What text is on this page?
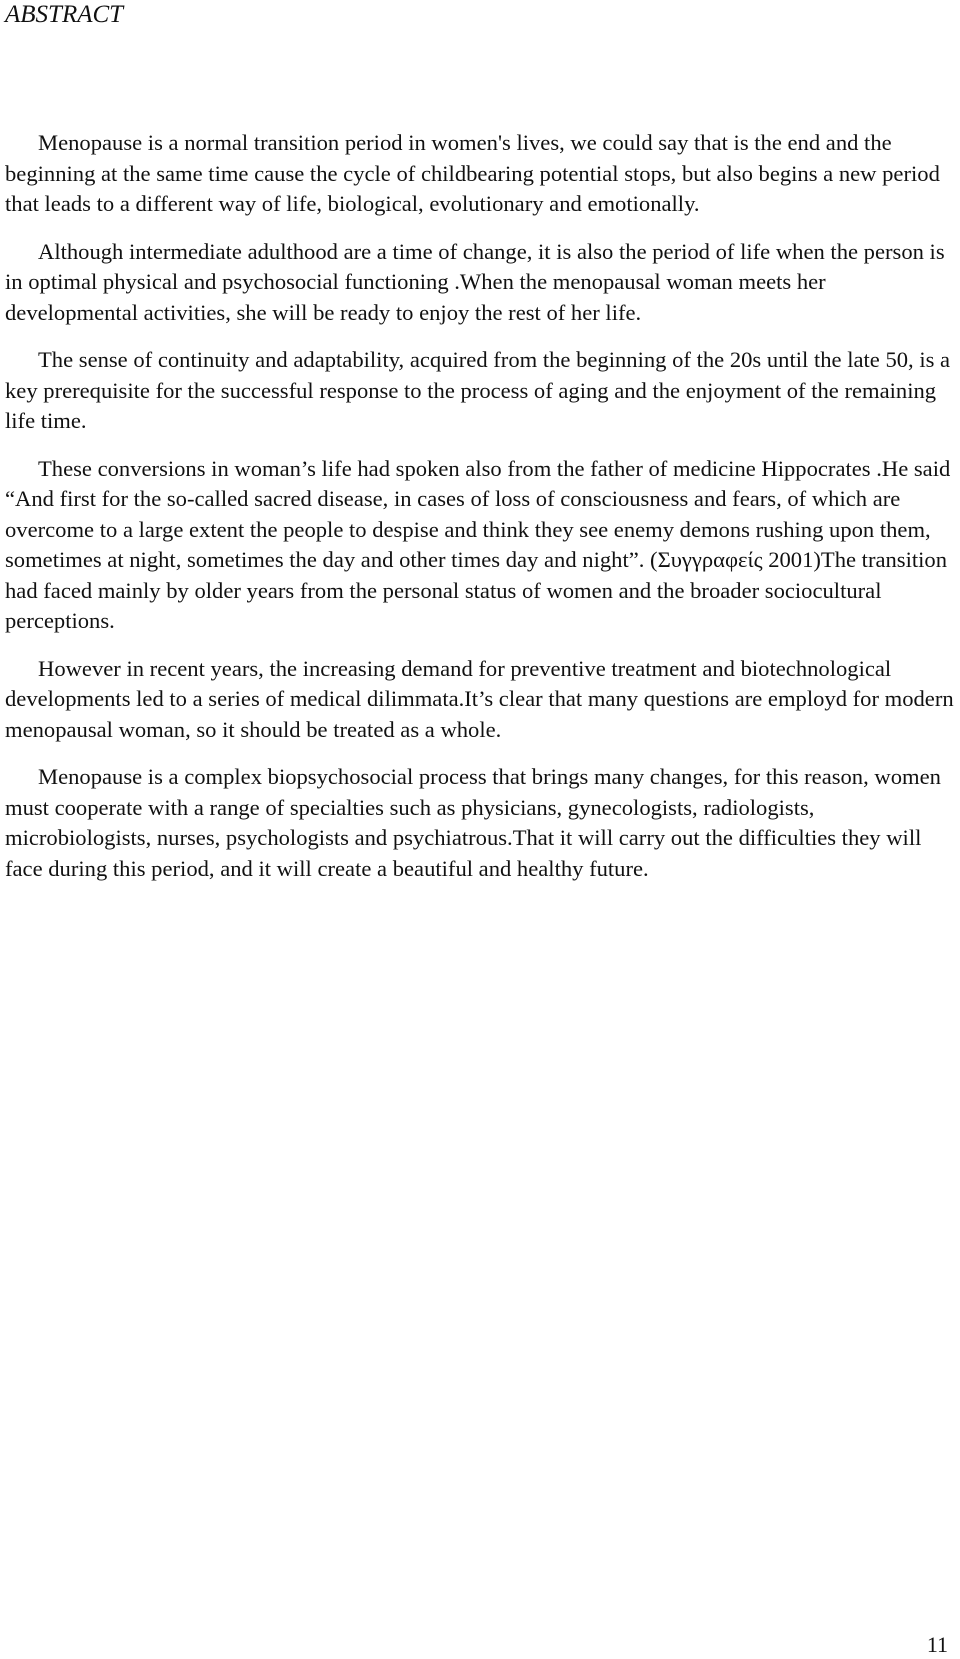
ABSTRACT

Menopause is a normal transition period in women's lives, we could say that is the end and the beginning at the same time cause the cycle of childbearing potential stops, but also begins a new period that leads to a different way of life, biological, evolutionary and emotionally.

Although intermediate adulthood are a time of change, it is also the period of life when the person is in optimal physical and psychosocial functioning .When the menopausal woman meets her developmental activities, she will be ready to enjoy the rest of her life.

The sense of continuity and adaptability, acquired from the beginning of the 20s until the late 50, is a key prerequisite for the successful response to the process of aging and the enjoyment of the remaining life time.

These conversions in woman’s life had spoken also from the father of medicine Hippocrates .He said “And first for the so-called sacred disease, in cases of loss of consciousness and fears, of which are overcome to a large extent the people to despise and think they see enemy demons rushing upon them, sometimes at night, sometimes the day and other times day and night”. (Συγγραφείς 2001)The transition had faced mainly by older years from the personal status of women and the broader sociocultural perceptions.

However in recent years, the increasing demand for preventive treatment and biotechnological developments led to a series of medical dilimmata.It’s clear that many questions are employd for modern menopausal woman, so it should be treated as a whole.

Menopause is a complex biopsychosocial process that brings many changes, for this reason, women must cooperate with a range of specialties such as physicians, gynecologists, radiologists, microbiologists, nurses, psychologists and psychiatrous.That it will carry out the difficulties they will face during this period, and it will create a beautiful and healthy future.

11
